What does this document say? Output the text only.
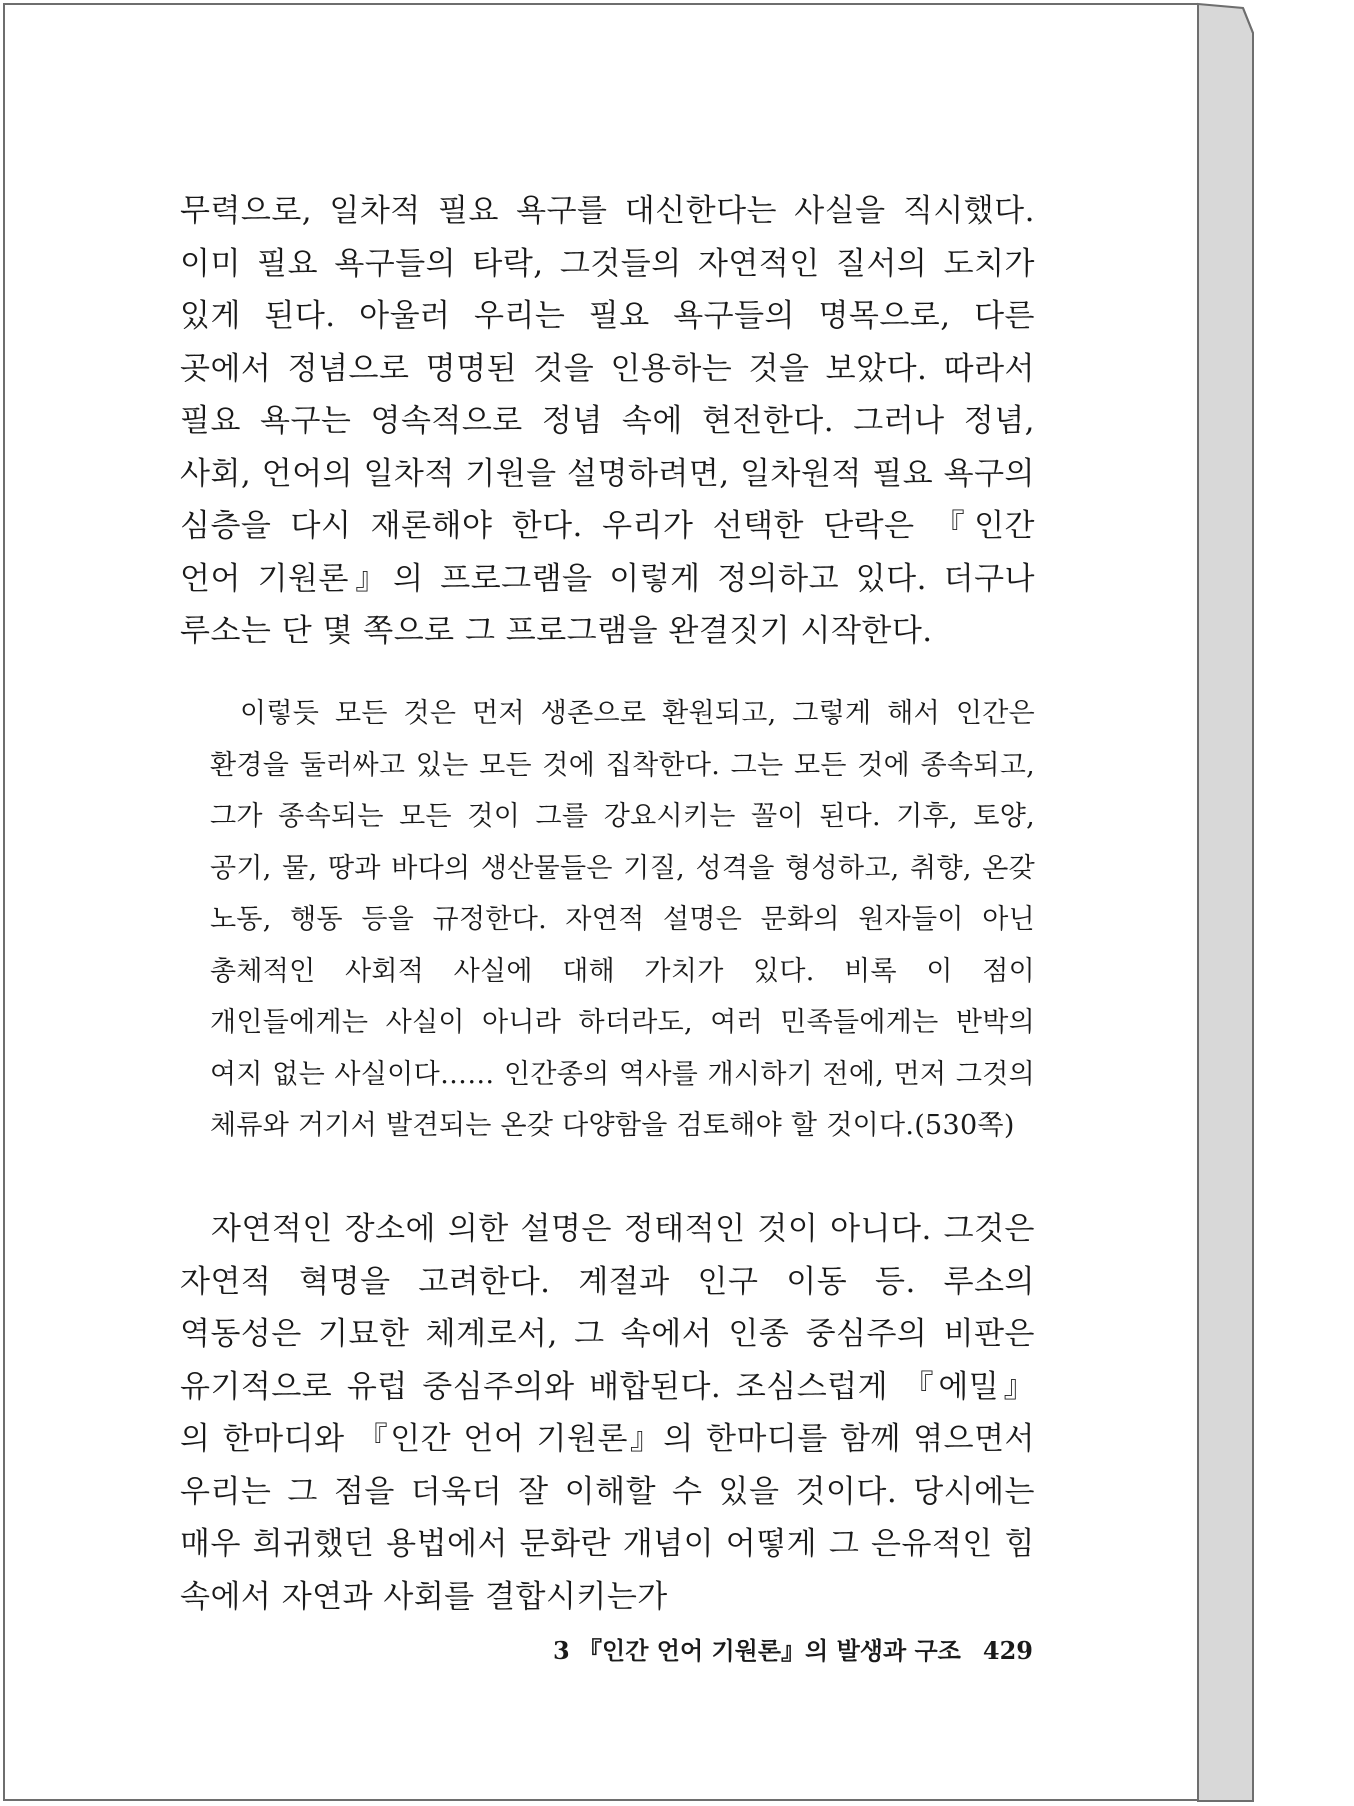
무력으로, 일차적 필요 욕구를 대신한다는 사실을 직시했다. 이미 필요 욕구들의 타락, 그것들의 자연적인 질서의 도치가 있게 된다. 아울러 우리는 필요 욕구들의 명목으로, 다른 곳에서 정념으로 명명된 것을 인용하는 것을 보았다. 따라서 필요 욕구는 영속적으로 정념 속에 현전한다. 그러나 정념, 사회, 언어의 일차적 기원을 설명하려면, 일차원적 필요 욕구의 심층을 다시 재론해야 한다. 우리가 선택한 단락은 『인간 언어 기원론』의 프로그램을 이렇게 정의하고 있다. 더구나 루소는 단 몇 쪽으로 그 프로그램을 완결짓기 시작한다.

이렇듯 모든 것은 먼저 생존으로 환원되고, 그렇게 해서 인간은 환경을 둘러싸고 있는 모든 것에 집착한다. 그는 모든 것에 종속되고, 그가 종속되는 모든 것이 그를 강요시키는 꼴이 된다. 기후, 토양, 공기, 물, 땅과 바다의 생산물들은 기질, 성격을 형성하고, 취향, 온갖 노동, 행동 등을 규정한다. 자연적 설명은 문화의 원자들이 아닌 총체적인 사회적 사실에 대해 가치가 있다. 비록 이 점이 개인들에게는 사실이 아니라 하더라도, 여러 민족들에게는 반박의 여지 없는 사실이다…… 인간종의 역사를 개시하기 전에, 먼저 그것의 체류와 거기서 발견되는 온갖 다양함을 검토해야 할 것이다.(530쪽)

자연적인 장소에 의한 설명은 정태적인 것이 아니다. 그것은 자연적 혁명을 고려한다. 계절과 인구 이동 등. 루소의 역동성은 기묘한 체계로서, 그 속에서 인종 중심주의 비판은 유기적으로 유럽 중심주의와 배합된다. 조심스럽게 『에밀』의 한마디와 『인간 언어 기원론』의 한마디를 함께 엮으면서 우리는 그 점을 더욱더 잘 이해할 수 있을 것이다. 당시에는 매우 희귀했던 용법에서 문화란 개념이 어떻게 그 은유적인 힘 속에서 자연과 사회를 결합시키는가

3 『인간 언어 기원론』의 발생과 구조 429
